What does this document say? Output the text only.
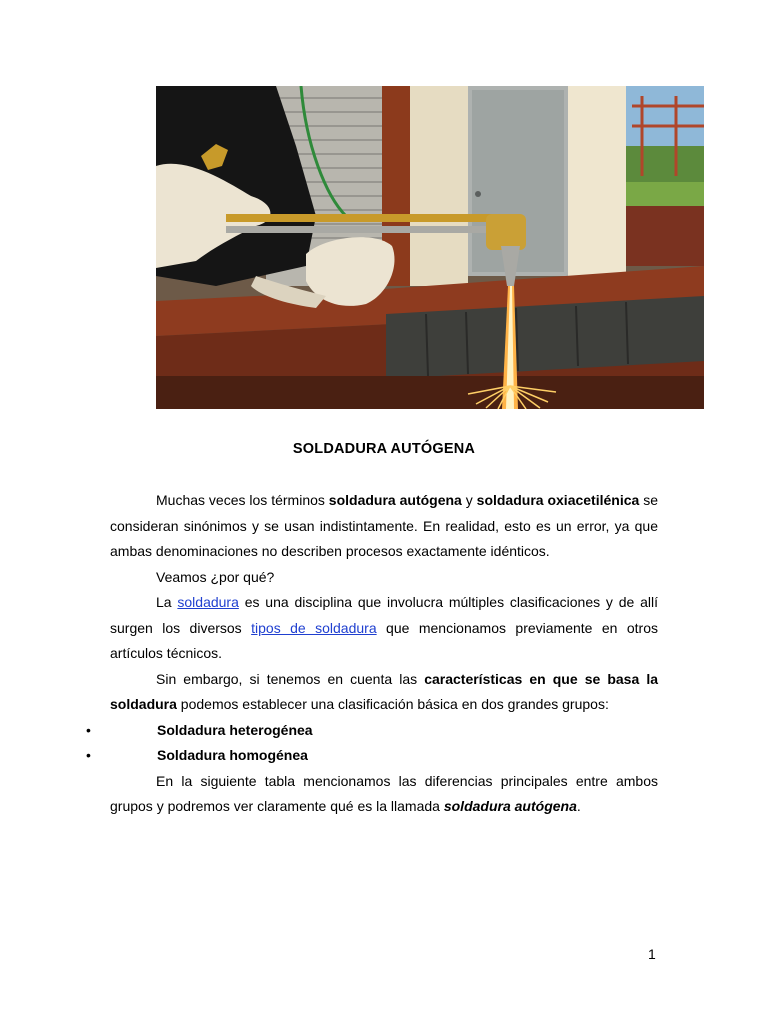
SOLDADURA AUTÓGENA

Muchas veces los términos soldadura autógena y soldadura oxiacetilénica se consideran sinónimos y se usan indistintamente. En realidad, esto es un error, ya que ambas denominaciones no describen procesos exactamente idénticos.

Veamos ¿por qué?

La soldadura es una disciplina que involucra múltiples clasificaciones y de allí surgen los diversos tipos de soldadura que mencionamos previamente en otros artículos técnicos.

Sin embargo, si tenemos en cuenta las características en que se basa la soldadura podemos establecer una clasificación básica en dos grandes grupos:

•	Soldadura heterogénea
•	Soldadura homogénea

En la siguiente tabla mencionamos las diferencias principales entre ambos grupos y podremos ver claramente qué es la llamada soldadura autógena.

1
